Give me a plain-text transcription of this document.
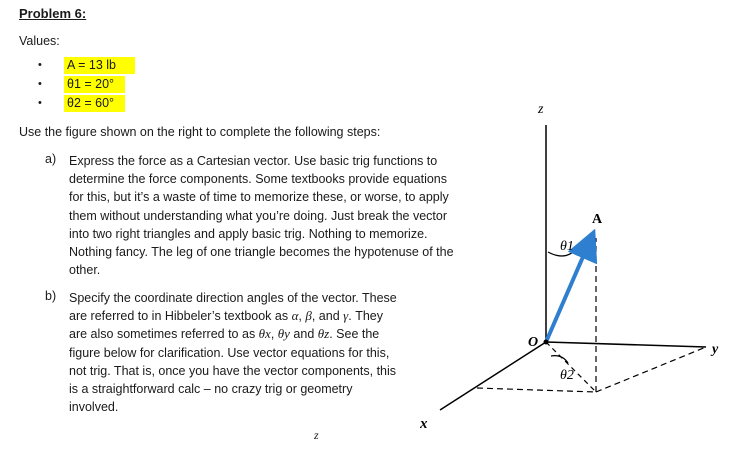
Problem 6:
Values:
• A = 13 lb
• θ1 = 20°
• θ2 = 60°
Use the figure shown on the right to complete the following steps:
a) Express the force as a Cartesian vector. Use basic trig functions to
determine the force components. Some textbooks provide equations
for this, but it’s a waste of time to memorize these, or worse, to apply
them without understanding what you’re doing. Just break the vector
into two right triangles and apply basic trig. Nothing to memorize.
Nothing fancy. The leg of one triangle becomes the hypotenuse of the
other.
b) Specify the coordinate direction angles of the vector. These
are referred to in Hibbeler’s textbook as α, β, and γ. They
are also sometimes referred to as θx, θy and θz. See the
figure below for clarification. Use vector equations for this,
not trig. That is, once you have the vector components, this
is a straightforward calc – no crazy trig or geometry
involved.
z
y
x
O
A
θ1
θ2
z
